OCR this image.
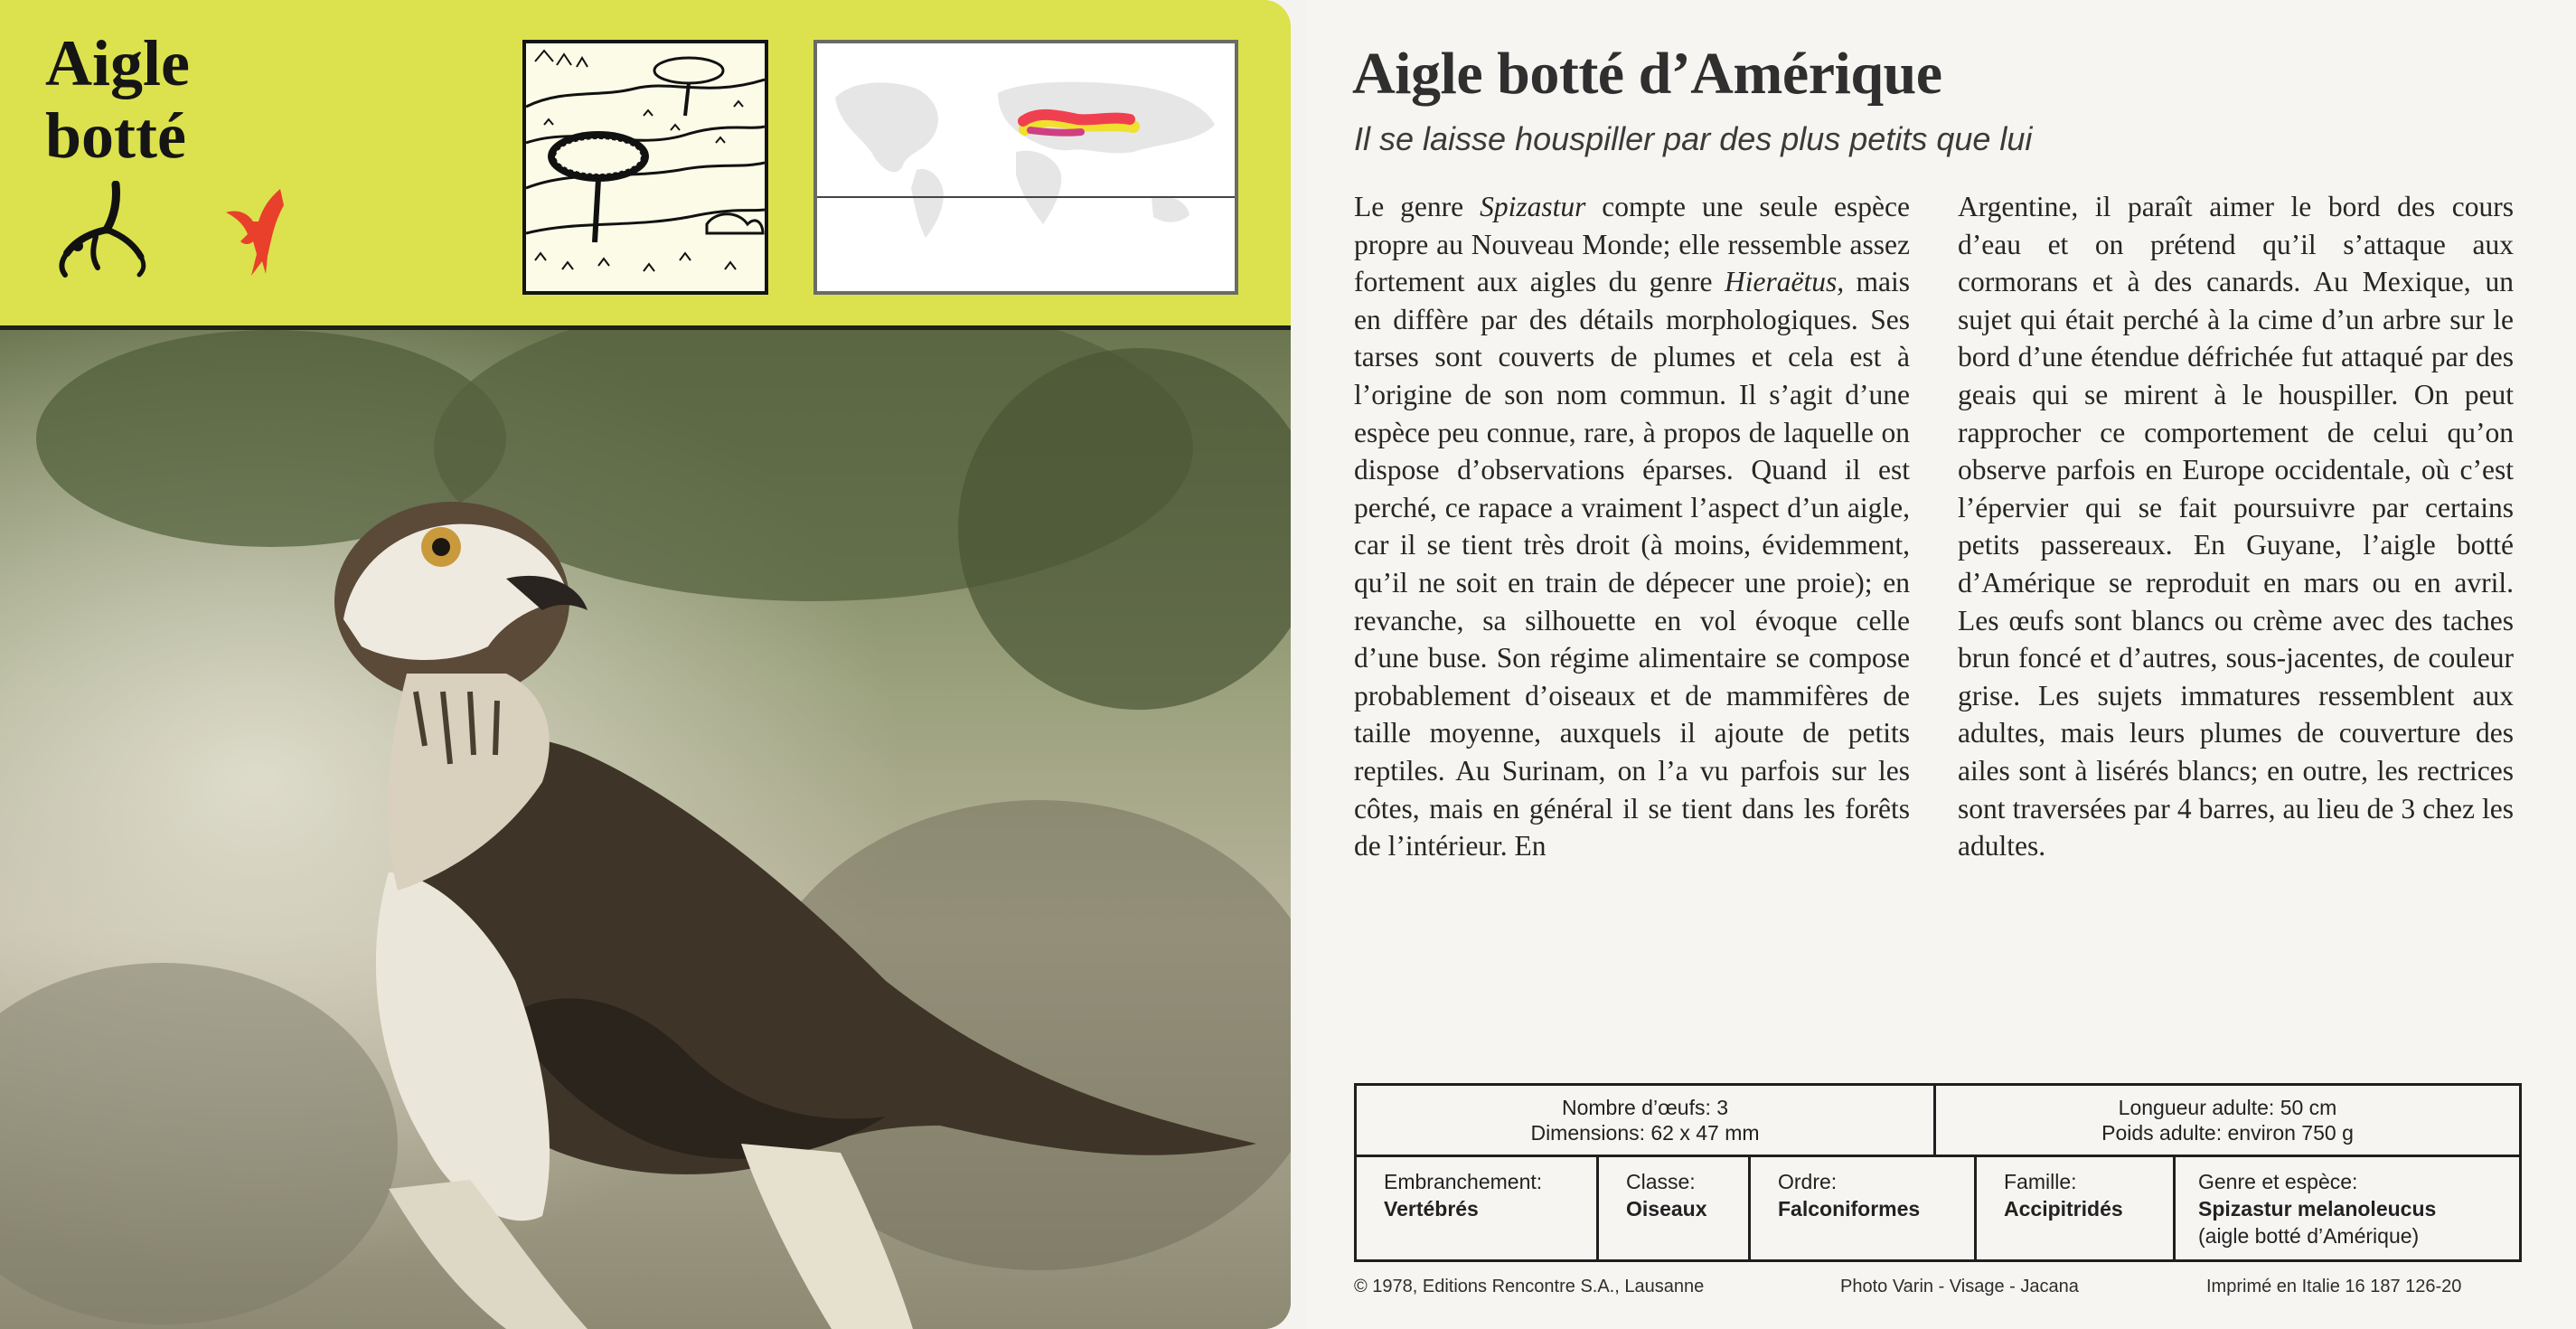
Aigle
botté
Aigle botté d’Amérique

Il se laisse houspiller par des plus petits que lui

Le genre Spizastur compte une seule espèce propre au Nouveau Monde; elle ressemble assez fortement aux aigles du genre Hieraëtus, mais en diffère par des détails morphologiques. Ses tarses sont couverts de plumes et cela est à l’origine de son nom commun. Il s’agit d’une espèce peu connue, rare, à propos de laquelle on dispose d’observations éparses. Quand il est perché, ce rapace a vraiment l’aspect d’un aigle, car il se tient très droit (à moins, évidemment, qu’il ne soit en train de dépecer une proie); en revanche, sa silhouette en vol évoque celle d’une buse. Son régime alimentaire se compose probablement d’oiseaux et de mammifères de taille moyenne, auxquels il ajoute de petits reptiles. Au Surinam, on l’a vu parfois sur les côtes, mais en général il se tient dans les forêts de l’intérieur. En

Argentine, il paraît aimer le bord des cours d’eau et on prétend qu’il s’attaque aux cormorans et à des canards. Au Mexique, un sujet qui était perché à la cime d’un arbre sur le bord d’une étendue défrichée fut attaqué par des geais qui se mirent à le houspiller. On peut rapprocher ce comportement de celui qu’on observe parfois en Europe occidentale, où c’est l’épervier qui se fait poursuivre par certains petits passereaux. En Guyane, l’aigle botté d’Amérique se reproduit en mars ou en avril. Les œufs sont blancs ou crème avec des taches brun foncé et d’autres, sous-jacentes, de couleur grise. Les sujets immatures ressemblent aux adultes, mais leurs plumes de couverture des ailes sont à lisérés blancs; en outre, les rectrices sont traversées par 4 barres, au lieu de 3 chez les adultes.

Nombre d’œufs: 3
Dimensions: 62 x 47 mm
Longueur adulte: 50 cm
Poids adulte: environ 750 g
Embranchement:
Vertébrés
Classe:
Oiseaux
Ordre:
Falconiformes
Famille:
Accipitridés
Genre et espèce:
Spizastur melanoleucus
(aigle botté d’Amérique)
© 1978, Editions Rencontre S.A., Lausanne	Photo Varin - Visage - Jacana	Imprimé en Italie 16 187 126-20
